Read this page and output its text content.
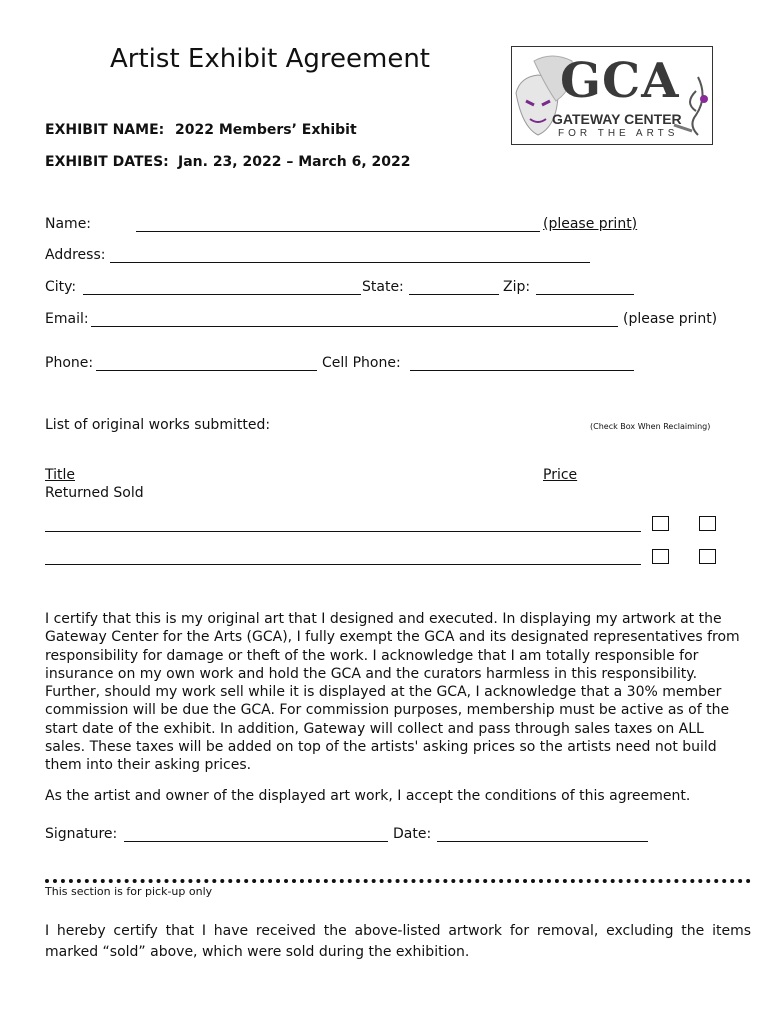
Artist Exhibit Agreement	GCA
GATEWAY CENTER
FOR THE ARTS
EXHIBIT NAME: 2022 Members’ Exhibit
EXHIBIT DATES: Jan. 23, 2022 – March 6, 2022
Name:	(please print)
Address:
City:	State:	Zip:
Email:	(please print)
Phone:	Cell Phone:
List of original works submitted:	(Check Box When Reclaiming)
Title	Price
Returned Sold
I certify that this is my original art that I designed and executed. In displaying my artwork at the Gateway Center for the Arts (GCA), I fully exempt the GCA and its designated representatives from responsibility for damage or theft of the work. I acknowledge that I am totally responsible for insurance on my own work and hold the GCA and the curators harmless in this responsibility. Further, should my work sell while it is displayed at the GCA, I acknowledge that a 30% member commission will be due the GCA. For commission purposes, membership must be active as of the start date of the exhibit. In addition, Gateway will collect and pass through sales taxes on ALL sales. These taxes will be added on top of the artists' asking prices so the artists need not build them into their asking prices.
As the artist and owner of the displayed art work, I accept the conditions of this agreement.
Signature:	Date:
This section is for pick-up only
I hereby certify that I have received the above-listed artwork for removal, excluding the items marked “sold” above, which were sold during the exhibition.
